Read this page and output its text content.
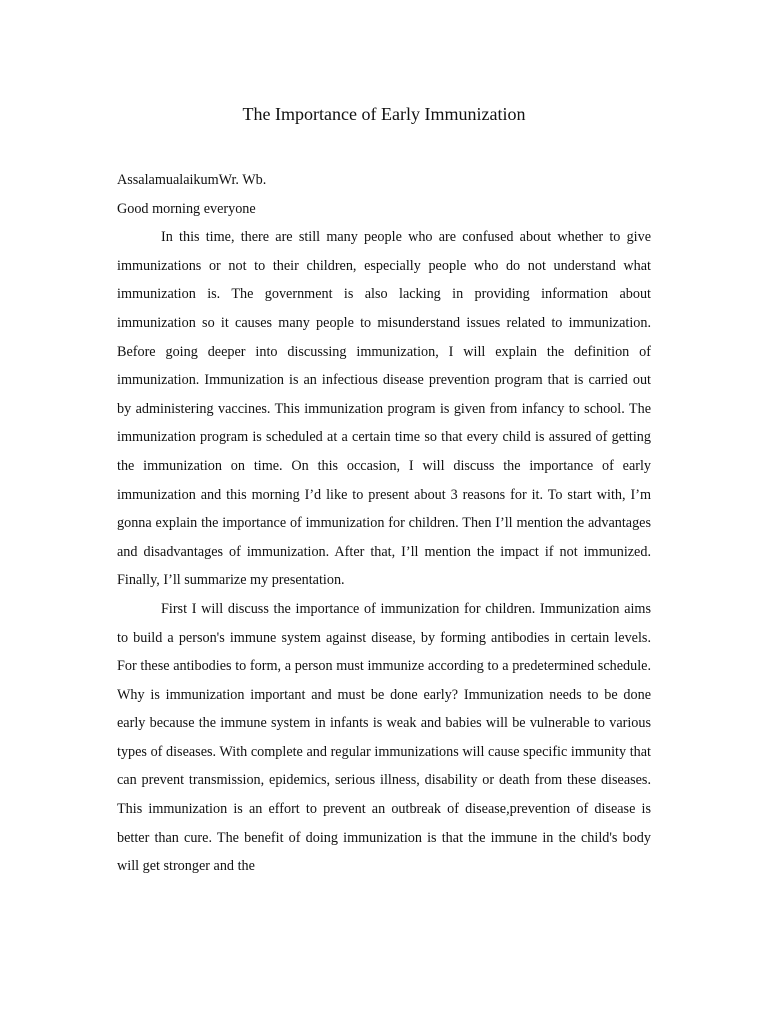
The Importance of Early Immunization

AssalamualaikumWr. Wb.

Good morning everyone

In this time, there are still many people who are confused about whether to give immunizations or not to their children, especially people who do not understand what immunization is. The government is also lacking in providing information about immunization so it causes many people to misunderstand issues related to immunization. Before going deeper into discussing immunization, I will explain the definition of immunization. Immunization is an infectious disease prevention program that is carried out by administering vaccines. This immunization program is given from infancy to school. The immunization program is scheduled at a certain time so that every child is assured of getting the immunization on time. On this occasion, I will discuss the importance of early immunization and this morning I’d like to present about 3 reasons for it. To start with, I’m gonna explain the importance of immunization for children. Then I’ll mention the advantages and disadvantages of immunization. After that, I’ll mention the impact if not immunized. Finally, I’ll summarize my presentation.

First I will discuss the importance of immunization for children. Immunization aims to build a person's immune system against disease, by forming antibodies in certain levels. For these antibodies to form, a person must immunize according to a predetermined schedule. Why is immunization important and must be done early? Immunization needs to be done early because the immune system in infants is weak and babies will be vulnerable to various types of diseases. With complete and regular immunizations will cause specific immunity that can prevent transmission, epidemics, serious illness, disability or death from these diseases. This immunization is an effort to prevent an outbreak of disease,prevention of disease is better than cure. The benefit of doing immunization is that the immune in the child's body will get stronger and the
